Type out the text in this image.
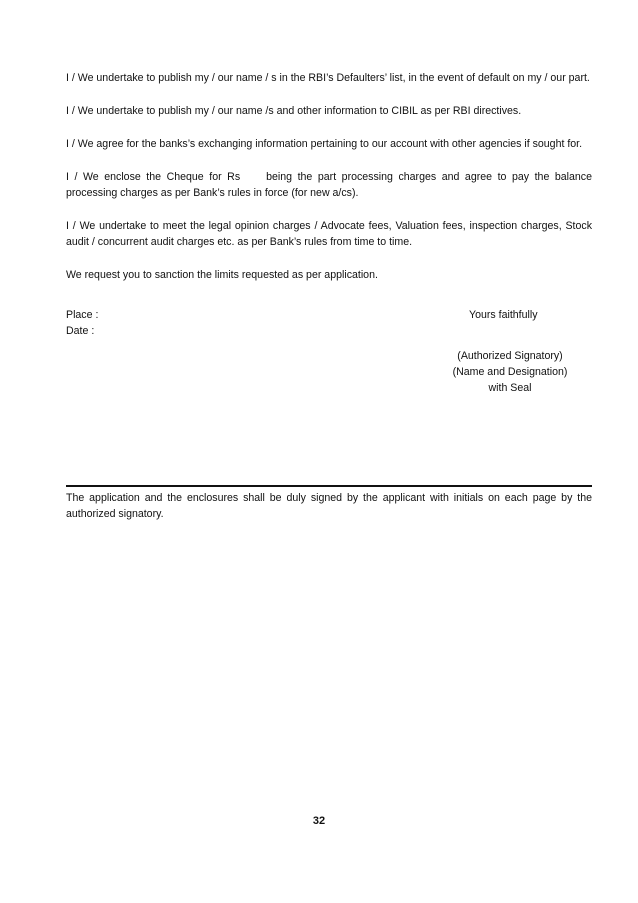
I / We undertake to publish my / our name / s in the RBI’s Defaulters’ list, in the event of default on my / our part.

I / We undertake to publish my / our name /s and other information to CIBIL as per RBI directives.

I / We agree for the banks’s exchanging information pertaining to our account with other agencies if sought for.

I / We enclose the Cheque for Rs being the part processing charges and agree to pay the balance processing charges as per Bank’s rules in force (for new a/cs).

I / We undertake to meet the legal opinion charges / Advocate fees, Valuation fees, inspection charges, Stock audit / concurrent audit charges etc. as per Bank’s rules from time to time.

We request you to sanction the limits requested as per application.

Place :
Date :
Yours faithfully
(Authorized Signatory)
(Name and Designation)
with Seal
The application and the enclosures shall be duly signed by the applicant with initials on each page by the authorized signatory.
32
